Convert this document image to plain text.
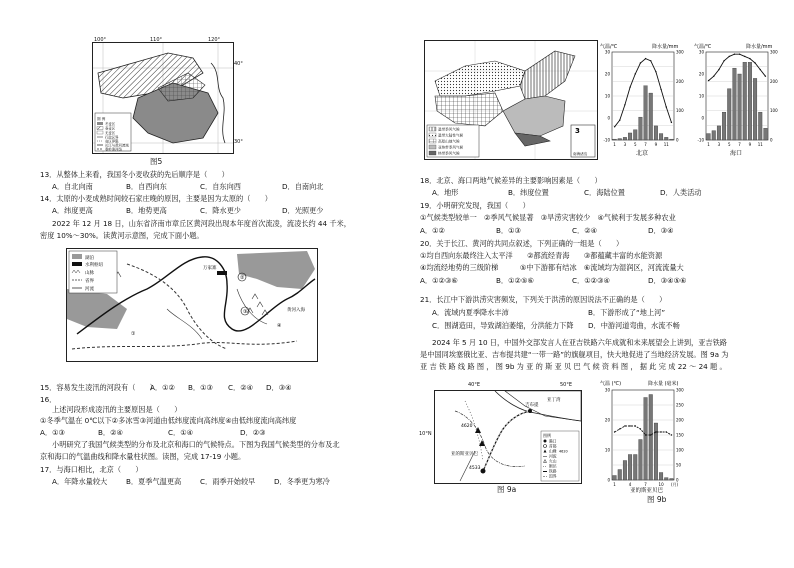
图 例
冬麦区
春麦区
无麦区
行政区界
省区界限
长江与黄河流域
秦岭淮河线
100°	110°	120°
40°
30°
图5
13．从整体上来看，我国冬小麦收获的先后顺序是（　　）
A．自北向南	B．自西向东	C．自东向西	D．自南向北
14．太原的小麦成熟时间较石家庄晚的原因，主要是因为太原的（　　）
A．纬度更高	B．地势更高	C．降水更少	D．光照更少
2022 年 12 月 18 日，山东省济南市章丘区黄河段出现本年度首次流凌，流凌长约 44 千米，
密度 10%～30%。读黄河示意图，完成下面小题。
②
③
①
④
湖泊
水利枢纽
山脉
省界
河流
万家寨
黄河入海
15．容易发生凌汛的河段有（　　）
A．①② B．①③ C．②④ D．③④
16．
上述河段形成凌汛的主要原因是（　　）
①冬季气温在 0℃以下②多冰雪③河道由低纬度流向高纬度④由低纬度流向高纬度
A．①③	B．②④	C．①④	D．②③
小明研究了我国气候类型的分布及北京和海口的气候特点。下图为我国气候类型的分布及北
京和海口的气温曲线和降水量柱状图。读图，完成 17-19 小题。
17．与海口相比，北京（　　）
A．年降水量较大	B．夏季气温更高	C．雨季开始较早	D．冬季更为寒冷
温带季风气候
温带大陆性气候
高原山地气候
亚热带季风气候
热带季风气候	南海诸岛
3
气温/℃	降水量/mm
30
20
10
0
-10
300
200
100
0
1 3 5 7 9 11
北京
气温/℃	降水量/mm
30
20
10
0
-10
300
200
100
0
1 3 5 7 9 11
海口
18．北京、海口两地气候差异的主要影响因素是（　　）
A．地形	B．纬度位置	C．海陆位置	D．人类活动
19．小明研究发现，我国（　　）
①气候类型较单一　②季风气候显著　③旱涝灾害较少　④气候利于发展多种农业
A．①②	B．①③	C．②④	D．③④
20．关于长江、黄河的共同点叙述，下列正确的一组是（　　）
①均自西向东最终注入太平洋　　②都流经青海　　③都蕴藏丰富的水能资源
④均流经地势的三级阶梯　　　⑤中下游都有结冰　⑥流域均为湿润区，河流流量大
A．①②③⑥	B．①②⑤⑥	C．①②③④	D．③④⑤⑥
21．长江中下游洪涝灾害频发，下列关于洪涝的原因说法不正确的是（　　）
A．流域内夏季降水丰沛	B．下游形成了“地上河”
C．围湖造田，导致湖泊萎缩，分洪能力下降 D．中游河道弯曲，水流不畅
2024 年 5 月 10 日，中国外交部发言人在亚吉铁路六年成就和未来展望会上讲到，亚吉铁路
是中国同埃塞俄比亚、吉布提共建“一带一路”的旗舰项目，快大地促进了当地经济发展。图 9a 为
亚 吉 铁 路 线 路 图 ， 图 9b 为 亚 的 斯 亚 贝 巴 气 候 资 料 图 ， 据 此 完 成 22 ～ 24 题 。
40°E	50°E
10°N
4620
4533
吉布提
亚的斯亚贝巴
亚丁湾
图例
港口
首都
山峰 4620
河流
火山
断层
铁路
国界
图 9a
气温 (℃)	降水量 (毫米)
30
20
10
0
300
250
200
150
100
50
0
1	4	7	10 (月)
亚的斯亚贝巴
图 9b
